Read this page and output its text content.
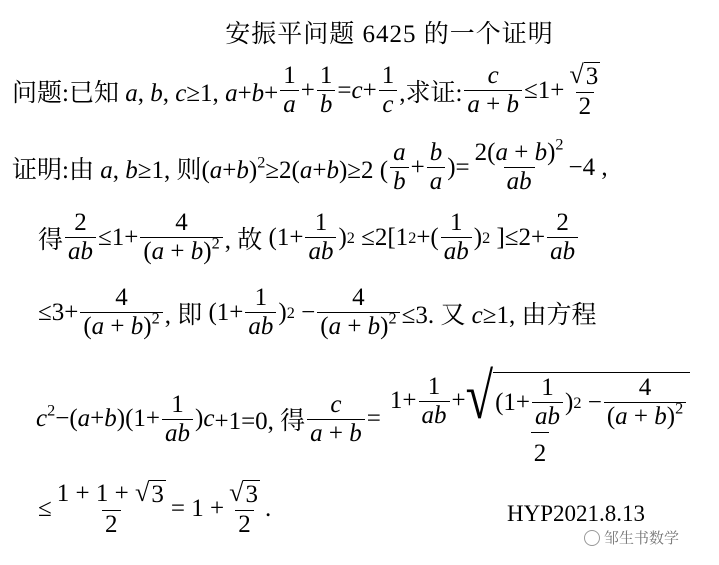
安振平问题 6425 的一个证明
问题: 已知 a, b, c≥1, $a+b+ \frac{1}{a} + \frac{1}{b} = c + \frac{1}{c}$ ,求证: $\frac{c}{a + b} \le 1+ \frac{√ 3}{2}$
证明: 由 a, b≥1, 则$(a+b)^2\ge 2(a+b)\ge 2$ ( $\frac{a}{b} + \frac{b}{a}$ )= $\frac{2(a + b)^2}{ab} -4$ ,
得 $\frac{2}{ab} \le 1+ \frac{4}{(a + b)^2}$ , 故 ($1+ \frac{1}{ab}$ ) 2 ≤2[1 2 +( $\frac{1}{ab}$ ) 2 ]$\le 2+ \frac{2}{ab}$
$\le 3+ \frac{4}{(a + b)^2}$ , 即 ($1+ \frac{1}{ab}$ ) $2 - \frac{4}{(a + b)^2} \le 3$. 又 c≥1, 由方程
$c^2-(a+b)(1+ \frac{1}{ab}$ ) c +1=0, 得 $\frac{c}{a + b} = \frac{1+ \frac{1}{ab} + √ (1+ \frac{1}{ab} ) 2 - \frac{4}{(a + b)^2}}{2}$
≤ $\frac{1 + 1 + √ 3}{2} = 1 + \frac{√ 3}{2}$ .	HYP2021.8.13
邹生书数学
